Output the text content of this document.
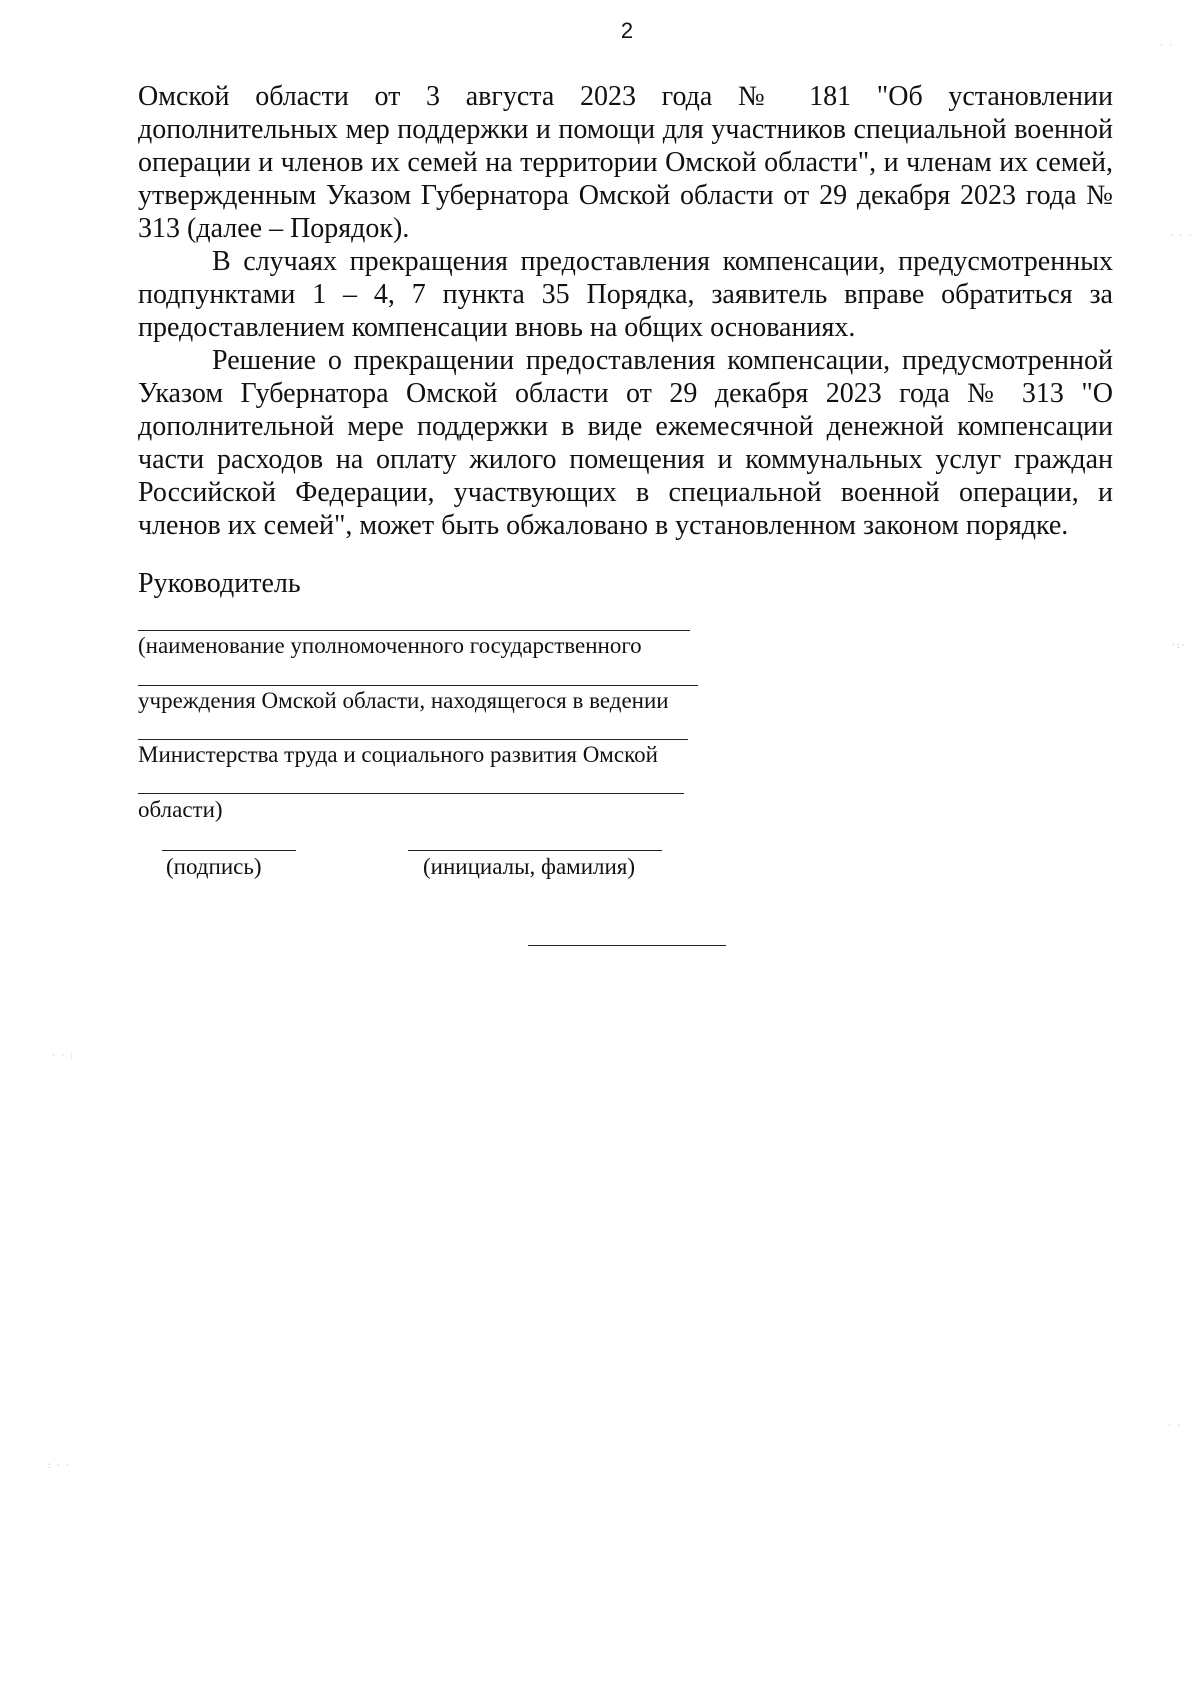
2

Омской области от 3 августа 2023 года № 181 "Об установлении дополнительных мер поддержки и помощи для участников специальной военной операции и членов их семей на территории Омской области", и членам их семей, утвержденным Указом Губернатора Омской области от 29 декабря 2023 года № 313 (далее – Порядок).

В случаях прекращения предоставления компенсации, предусмотренных подпунктами 1 – 4, 7 пункта 35 Порядка, заявитель вправе обратиться за предоставлением компенсации вновь на общих основаниях.

Решение о прекращении предоставления компенсации, предусмотренной Указом Губернатора Омской области от 29 декабря 2023 года № 313 "О дополнительной мере поддержки в виде ежемесячной денежной компенсации части расходов на оплату жилого помещения и коммунальных услуг граждан Российской Федерации, участвующих в специальной военной операции, и членов их семей", может быть обжаловано в установленном законом порядке.

Руководитель
(наименование уполномоченного государственного
учреждения Омской области, находящегося в ведении
Министерства труда и социального развития Омской
области)
(подпись)	(инициалы, фамилия)
· ·
· · ·
·:·
· · :
: · ·
· ·
